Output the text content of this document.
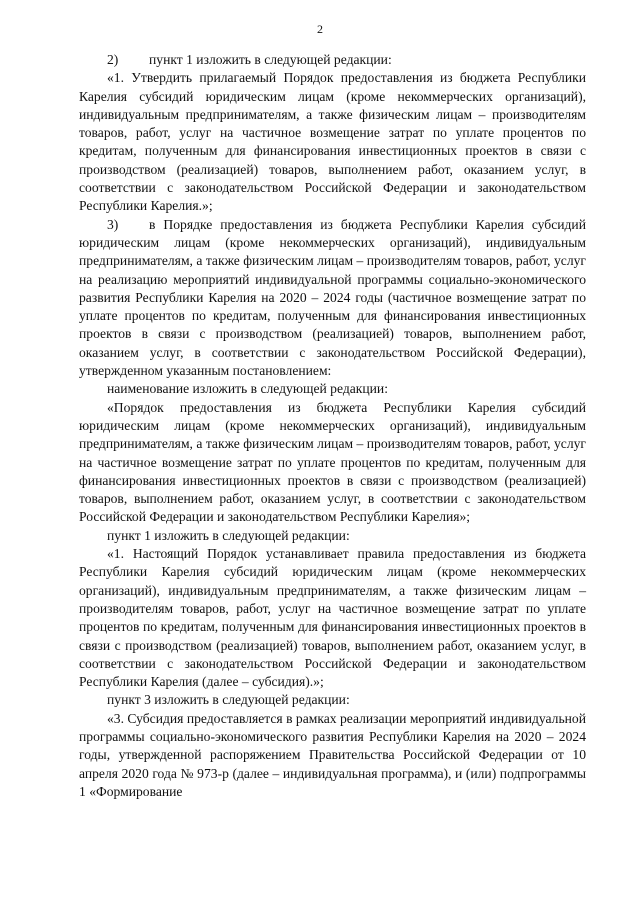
2
2) пункт 1 изложить в следующей редакции:

«1. Утвердить прилагаемый Порядок предоставления из бюджета Республики Карелия субсидий юридическим лицам (кроме некоммерческих организаций), индивидуальным предпринимателям, а также физическим лицам – производителям товаров, работ, услуг на частичное возмещение затрат по уплате процентов по кредитам, полученным для финансирования инвестиционных проектов в связи с производством (реализацией) товаров, выполнением работ, оказанием услуг, в соответствии с законодательством Российской Федерации и законодательством Республики Карелия.»;

3) в Порядке предоставления из бюджета Республики Карелия субсидий юридическим лицам (кроме некоммерческих организаций), индивидуальным предпринимателям, а также физическим лицам – производителям товаров, работ, услуг на реализацию мероприятий индивидуальной программы социально-экономического развития Республики Карелия на 2020 – 2024 годы (частичное возмещение затрат по уплате процентов по кредитам, полученным для финансирования инвестиционных проектов в связи с производством (реализацией) товаров, выполнением работ, оказанием услуг, в соответствии с законодательством Российской Федерации), утвержденном указанным постановлением:

наименование изложить в следующей редакции:

«Порядок предоставления из бюджета Республики Карелия субсидий юридическим лицам (кроме некоммерческих организаций), индивидуальным предпринимателям, а также физическим лицам – производителям товаров, работ, услуг на частичное возмещение затрат по уплате процентов по кредитам, полученным для финансирования инвестиционных проектов в связи с производством (реализацией) товаров, выполнением работ, оказанием услуг, в соответствии с законодательством Российской Федерации и законодательством Республики Карелия»;

пункт 1 изложить в следующей редакции:

«1. Настоящий Порядок устанавливает правила предоставления из бюджета Республики Карелия субсидий юридическим лицам (кроме некоммерческих организаций), индивидуальным предпринимателям, а также физическим лицам – производителям товаров, работ, услуг на частичное возмещение затрат по уплате процентов по кредитам, полученным для финансирования инвестиционных проектов в связи с производством (реализацией) товаров, выполнением работ, оказанием услуг, в соответствии с законодательством Российской Федерации и законодательством Республики Карелия (далее – субсидия).»;

пункт 3 изложить в следующей редакции:

«3. Субсидия предоставляется в рамках реализации мероприятий индивидуальной программы социально-экономического развития Республики Карелия на 2020 – 2024 годы, утвержденной распоряжением Правительства Российской Федерации от 10 апреля 2020 года № 973-р (далее – индивидуальная программа), и (или) подпрограммы 1 «Формирование
